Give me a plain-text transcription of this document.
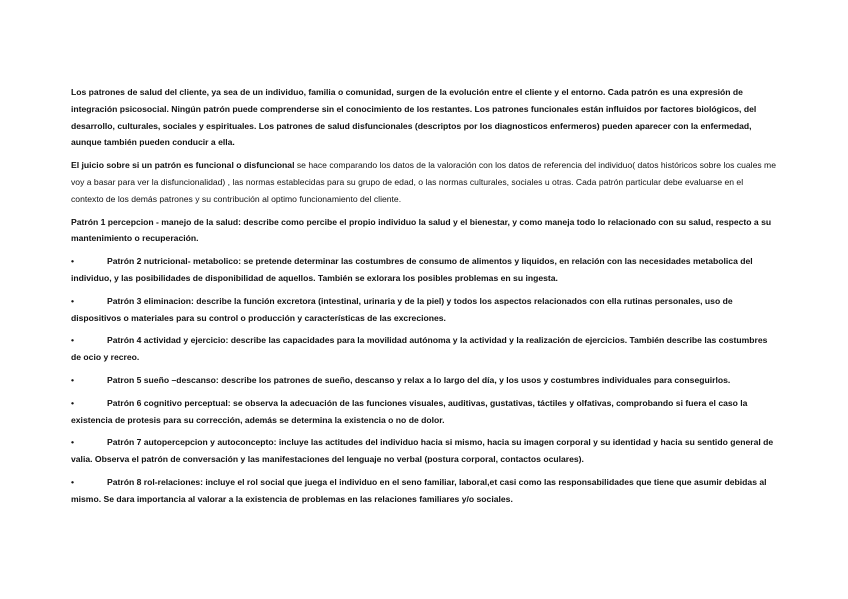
Los patrones de salud del cliente, ya sea de un individuo, familia o comunidad, surgen de la evolución entre el cliente y el entorno. Cada patrón es una expresión de integración psicosocial. Ningún patrón puede comprenderse sin el conocimiento de los restantes. Los patrones funcionales están influidos por factores biológicos, del desarrollo, culturales, sociales y espirituales. Los patrones de salud disfuncionales (descriptos por los diagnosticos enfermeros) pueden aparecer con la enfermedad, aunque también pueden conducir a ella.

El juicio sobre si un patrón es funcional o disfuncional se hace comparando los datos de la valoración con los datos de referencia del individuo( datos históricos sobre los cuales me voy a basar para ver la disfuncionalidad) , las normas establecidas para su grupo de edad, o las normas culturales, sociales u otras. Cada patrón particular debe evaluarse en el contexto de los demás patrones y su contribución al optimo funcionamiento del cliente.

Patrón 1 percepcion - manejo de la salud: describe como percibe el propio individuo la salud y el bienestar, y como maneja todo lo relacionado con su salud, respecto a su mantenimiento o recuperación.

•	Patrón 2 nutricional- metabolico: se pretende determinar las costumbres de consumo de alimentos y liquidos, en relación con las necesidades metabolica del individuo, y las posibilidades de disponibilidad de aquellos. También se exlorara los posibles problemas en su ingesta.

•	Patrón 3 eliminacion: describe la función excretora (intestinal, urinaria y de la piel) y todos los aspectos relacionados con ella rutinas personales, uso de dispositivos o materiales para su control o producción y características de las excreciones.

•	Patrón 4 actividad y ejercicio: describe las capacidades para la movilidad autónoma y la actividad y la realización de ejercicios. También describe las costumbres de ocio y recreo.

•	Patron 5 sueño –descanso: describe los patrones de sueño, descanso y relax a lo largo del día, y los usos y costumbres individuales para conseguirlos.

•	Patrón 6 cognitivo perceptual: se observa la adecuación de las funciones visuales, auditivas, gustativas, táctiles y olfativas, comprobando si fuera el caso la existencia de protesis para su corrección, además se determina la existencia o no de dolor.

•	Patrón 7 autopercepcion y autoconcepto: incluye las actitudes del individuo hacia si mismo, hacia su imagen corporal y su identidad y hacia su sentido general de valia. Observa el patrón de conversación y las manifestaciones del lenguaje no verbal (postura corporal, contactos oculares).

•	Patrón 8 rol-relaciones: incluye el rol social que juega el individuo en el seno familiar, laboral,et casi como las responsabilidades que tiene que asumir debidas al mismo. Se dara importancia al valorar a la existencia de problemas en las relaciones familiares y/o sociales.
